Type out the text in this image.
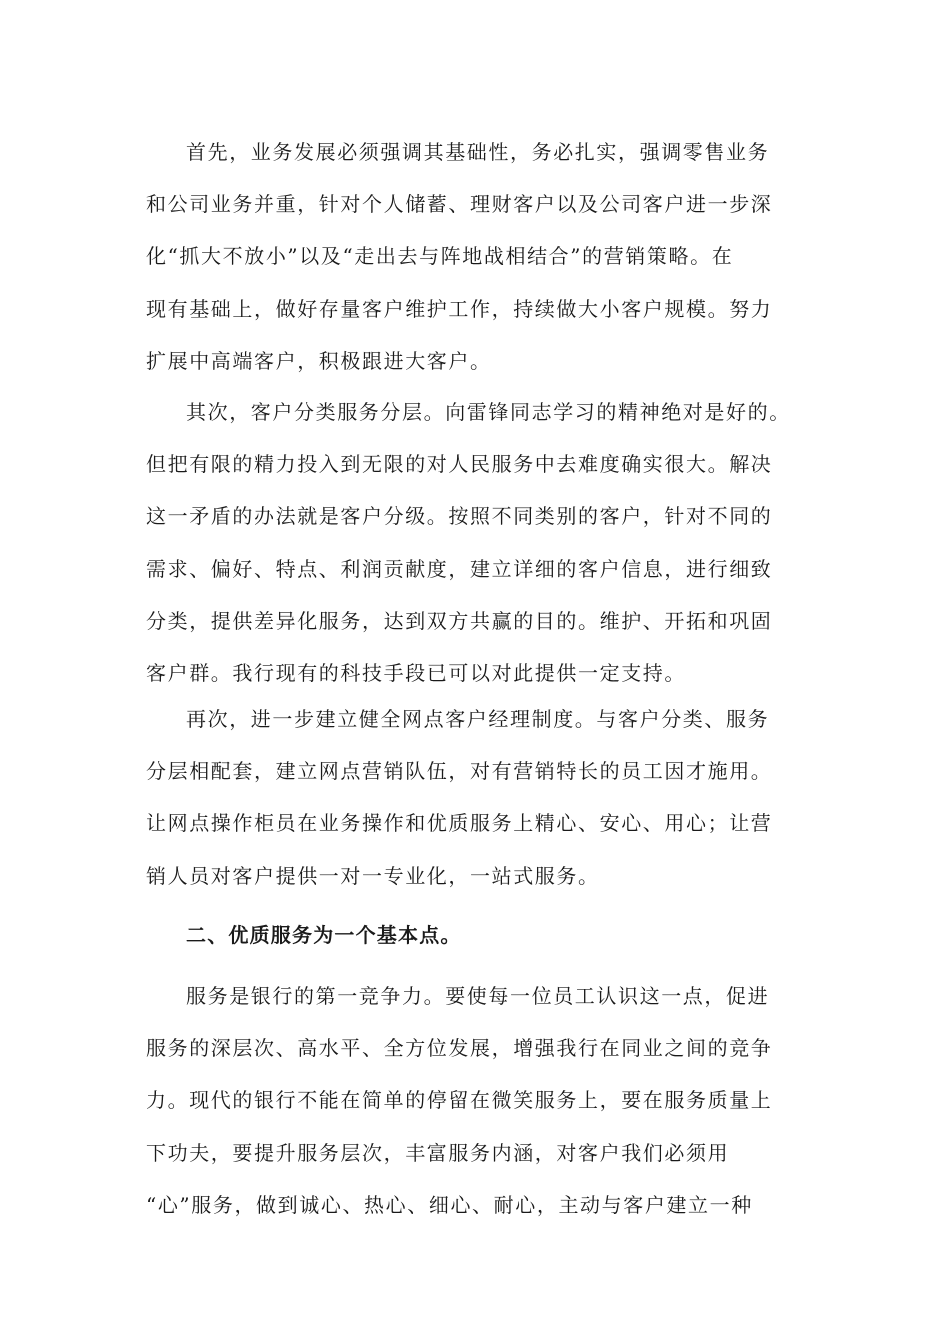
首先，业务发展必须强调其基础性，务必扎实，强调零售业务
和公司业务并重，针对个人储蓄、理财客户以及公司客户进一步深
化“抓大不放小”以及“走出去与阵地战相结合”的营销策略。在
现有基础上，做好存量客户维护工作，持续做大小客户规模。努力
扩展中高端客户，积极跟进大客户。
其次，客户分类服务分层。向雷锋同志学习的精神绝对是好的。
但把有限的精力投入到无限的对人民服务中去难度确实很大。解决
这一矛盾的办法就是客户分级。按照不同类别的客户，针对不同的
需求、偏好、特点、利润贡献度，建立详细的客户信息，进行细致
分类，提供差异化服务，达到双方共赢的目的。维护、开拓和巩固
客户群。我行现有的科技手段已可以对此提供一定支持。
再次，进一步建立健全网点客户经理制度。与客户分类、服务
分层相配套，建立网点营销队伍，对有营销特长的员工因才施用。
让网点操作柜员在业务操作和优质服务上精心、安心、用心；让营
销人员对客户提供一对一专业化，一站式服务。
二、优质服务为一个基本点。
服务是银行的第一竞争力。要使每一位员工认识这一点，促进
服务的深层次、高水平、全方位发展，增强我行在同业之间的竞争
力。现代的银行不能在简单的停留在微笑服务上，要在服务质量上
下功夫，要提升服务层次，丰富服务内涵，对客户我们必须用
“心”服务，做到诚心、热心、细心、耐心，主动与客户建立一种
